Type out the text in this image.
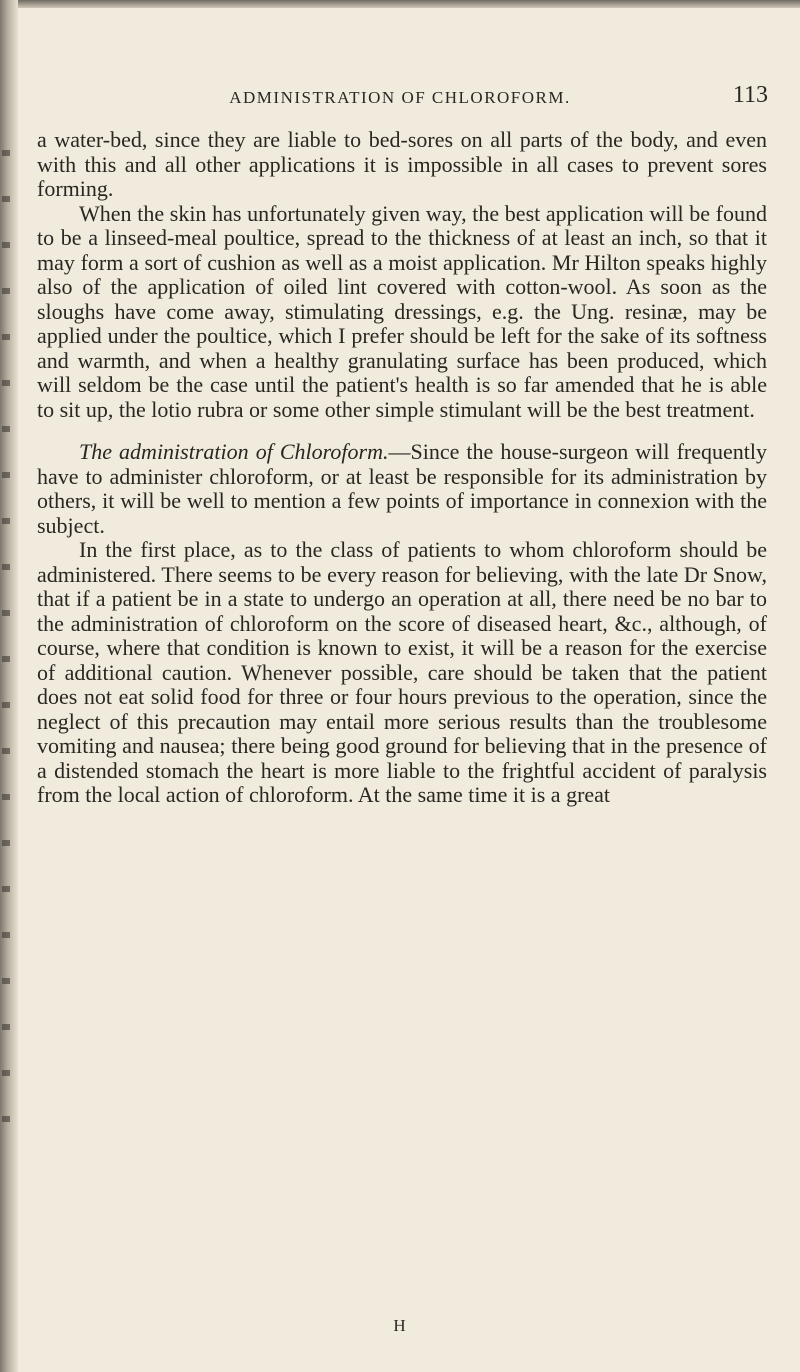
ADMINISTRATION OF CHLOROFORM.	113

a water-bed, since they are liable to bed-sores on all parts of the body, and even with this and all other applications it is impossible in all cases to prevent sores forming.

When the skin has unfortunately given way, the best application will be found to be a linseed-meal poultice, spread to the thickness of at least an inch, so that it may form a sort of cushion as well as a moist application. Mr Hilton speaks highly also of the application of oiled lint covered with cotton-wool. As soon as the sloughs have come away, stimulating dressings, e.g. the Ung. resinæ, may be applied under the poultice, which I prefer should be left for the sake of its softness and warmth, and when a healthy granulating surface has been produced, which will seldom be the case until the patient's health is so far amended that he is able to sit up, the lotio rubra or some other simple stimulant will be the best treatment.

The administration of Chloroform.—Since the house-surgeon will frequently have to administer chloroform, or at least be responsible for its administration by others, it will be well to mention a few points of importance in connexion with the subject.

In the first place, as to the class of patients to whom chloroform should be administered. There seems to be every reason for believing, with the late Dr Snow, that if a patient be in a state to undergo an operation at all, there need be no bar to the administration of chloroform on the score of diseased heart, &c., although, of course, where that condition is known to exist, it will be a reason for the exercise of additional caution. Whenever possible, care should be taken that the patient does not eat solid food for three or four hours previous to the operation, since the neglect of this precaution may entail more serious results than the troublesome vomiting and nausea; there being good ground for believing that in the presence of a distended stomach the heart is more liable to the frightful accident of paralysis from the local action of chloroform. At the same time it is a great

H
